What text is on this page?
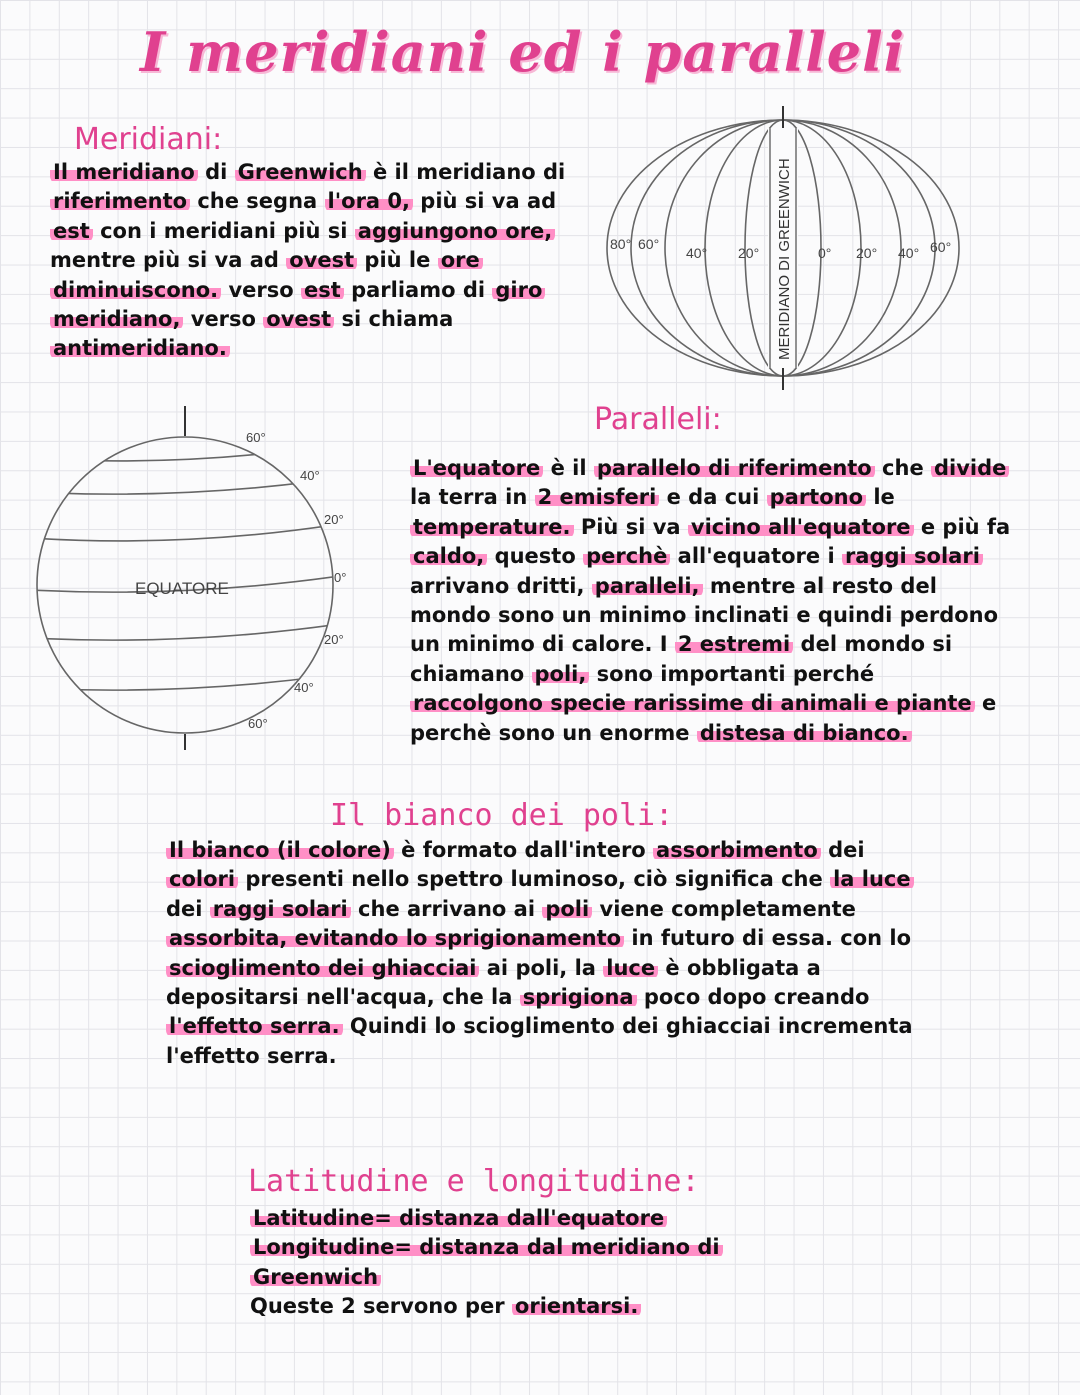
I meridiani ed i paralleli
Meridiani:
Il meridiano di Greenwich è il meridiano di
riferimento che segna l'ora 0, più si va ad
est con i meridiani più si aggiungono ore,
mentre più si va ad ovest più le ore
diminuiscono. verso est parliamo di giro
meridiano, verso ovest si chiama
antimeridiano.	MERIDIANO DI GREENWICH
80° 60°
40° 20°	0° 20° 40° 60°
EQUATORE
60°
40°
20°
0°
20°
40°
60°
Paralleli:
L'equatore è il parallelo di riferimento che divide
la terra in 2 emisferi e da cui partono le
temperature. Più si va vicino all'equatore e più fa
caldo, questo perchè all'equatore i raggi solari
arrivano dritti, paralleli, mentre al resto del
mondo sono un minimo inclinati e quindi perdono
un minimo di calore. I 2 estremi del mondo si
chiamano poli, sono importanti perché
raccolgono specie rarissime di animali e piante e
perchè sono un enorme distesa di bianco.
Il bianco dei poli:
Il bianco (il colore) è formato dall'intero assorbimento dei
colori presenti nello spettro luminoso, ciò significa che la luce
dei raggi solari che arrivano ai poli viene completamente
assorbita, evitando lo sprigionamento in futuro di essa. con lo
scioglimento dei ghiacciai ai poli, la luce è obbligata a
depositarsi nell'acqua, che la sprigiona poco dopo creando
l'effetto serra. Quindi lo scioglimento dei ghiacciai incrementa
l'effetto serra.
Latitudine e longitudine:
Latitudine= distanza dall'equatore
Longitudine= distanza dal meridiano di
Greenwich
Queste 2 servono per orientarsi.
